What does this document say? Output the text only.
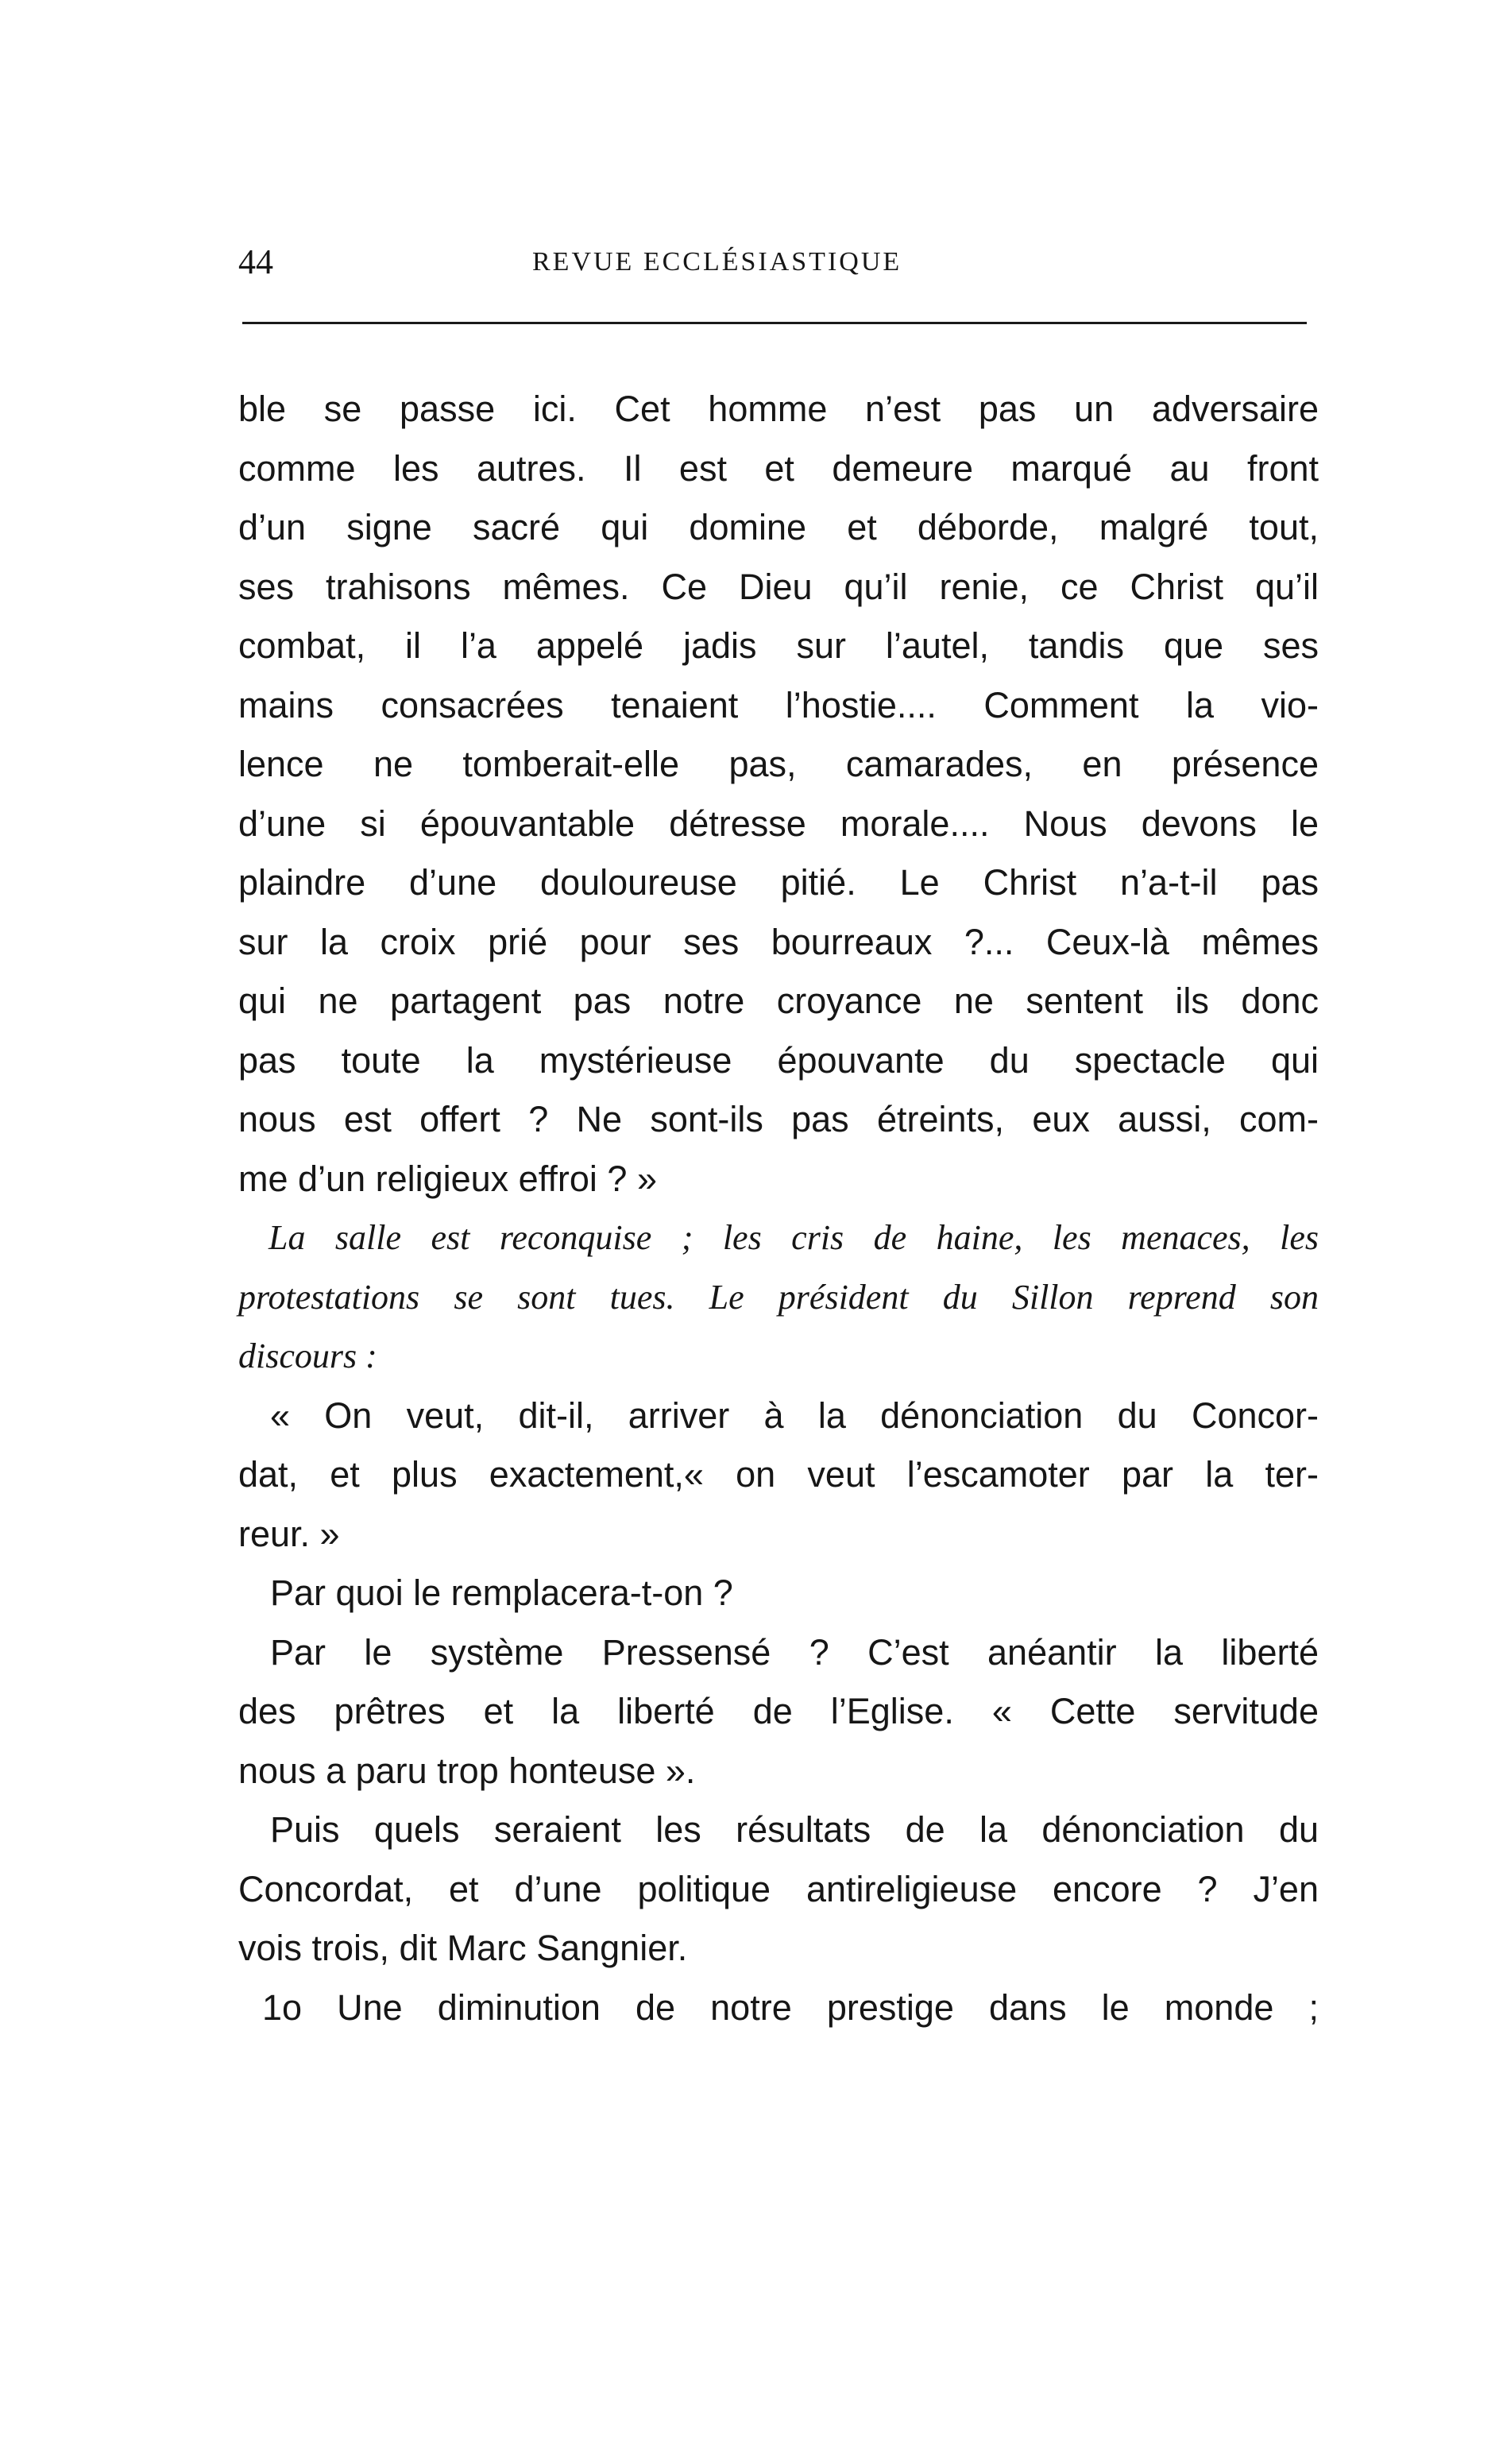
44	REVUE ECCLÉSIASTIQUE
ble se passe ici. Cet homme n’est pas un adversaire
comme les autres. Il est et demeure marqué au front
d’un signe sacré qui domine et déborde, malgré tout,
ses trahisons mêmes. Ce Dieu qu’il renie, ce Christ qu’il
combat, il l’a appelé jadis sur l’autel, tandis que ses
mains consacrées tenaient l’hostie.... Comment la vio-
lence ne tomberait-elle pas, camarades, en présence
d’une si épouvantable détresse morale.... Nous devons le
plaindre d’une douloureuse pitié. Le Christ n’a-t-il pas
sur la croix prié pour ses bourreaux ?... Ceux-là mêmes
qui ne partagent pas notre croyance ne sentent ils donc
pas toute la mystérieuse épouvante du spectacle qui
nous est offert ? Ne sont-ils pas étreints, eux aussi, com-
me d’un religieux effroi ? »
La salle est reconquise ; les cris de haine, les menaces, les
protestations se sont tues. Le président du Sillon reprend son
discours :
« On veut, dit-il, arriver à la dénonciation du Concor-
dat, et plus exactement,« on veut l’escamoter par la ter-
reur. »
Par quoi le remplacera-t-on ?
Par le système Pressensé ? C’est anéantir la liberté
des prêtres et la liberté de l’Eglise. « Cette servitude
nous a paru trop honteuse ».
Puis quels seraient les résultats de la dénonciation du
Concordat, et d’une politique antireligieuse encore ? J’en
vois trois, dit Marc Sangnier.
1o Une diminution de notre prestige dans le monde ;
